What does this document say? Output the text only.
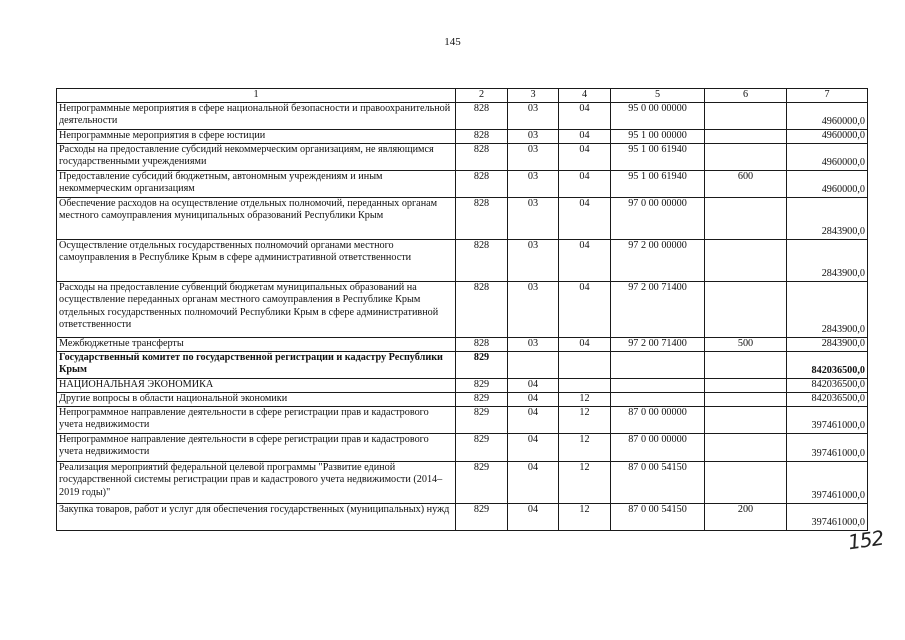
145
1	2	3	4	5	6	7
Непрограммные мероприятия в сфере национальной безопасности и правоохранительной деятельности	828	03	04	95 0 00 00000		4960000,0
Непрограммные мероприятия в сфере юстиции	828	03	04	95 1 00 00000		4960000,0
Расходы на предоставление субсидий некоммерческим организациям, не являющимся государственными учреждениями	828	03	04	95 1 00 61940		4960000,0
Предоставление субсидий бюджетным, автономным учреждениям и иным некоммерческим организациям	828	03	04	95 1 00 61940	600	4960000,0
Обеспечение расходов на осуществление отдельных полномочий, переданных органам местного самоуправления муниципальных образований Республики Крым	828	03	04	97 0 00 00000		2843900,0
Осуществление отдельных государственных полномочий органами местного самоуправления в Республике Крым в сфере административной ответственности	828	03	04	97 2 00 00000		2843900,0
Расходы на предоставление субвенций бюджетам муниципальных образований на осуществление переданных органам местного самоуправления в Республике Крым отдельных государственных полномочий Республики Крым в сфере административной ответственности	828	03	04	97 2 00 71400		2843900,0
Межбюджетные трансферты	828	03	04	97 2 00 71400	500	2843900,0
Государственный комитет по государственной регистрации и кадастру Республики Крым	829					842036500,0
НАЦИОНАЛЬНАЯ ЭКОНОМИКА	829	04				842036500,0
Другие вопросы в области национальной экономики	829	04	12			842036500,0
Непрограммное направление деятельности в сфере регистрации прав и кадастрового учета недвижимости	829	04	12	87 0 00 00000		397461000,0
Непрограммное направление деятельности в сфере регистрации прав и кадастрового учета недвижимости	829	04	12	87 0 00 00000		397461000,0
Реализация мероприятий федеральной целевой программы "Развитие единой государственной системы регистрации прав и кадастрового учета недвижимости (2014–2019 годы)"	829	04	12	87 0 00 54150		397461000,0
Закупка товаров, работ и услуг для обеспечения государственных (муниципальных) нужд	829	04	12	87 0 00 54150	200	397461000,0
152
